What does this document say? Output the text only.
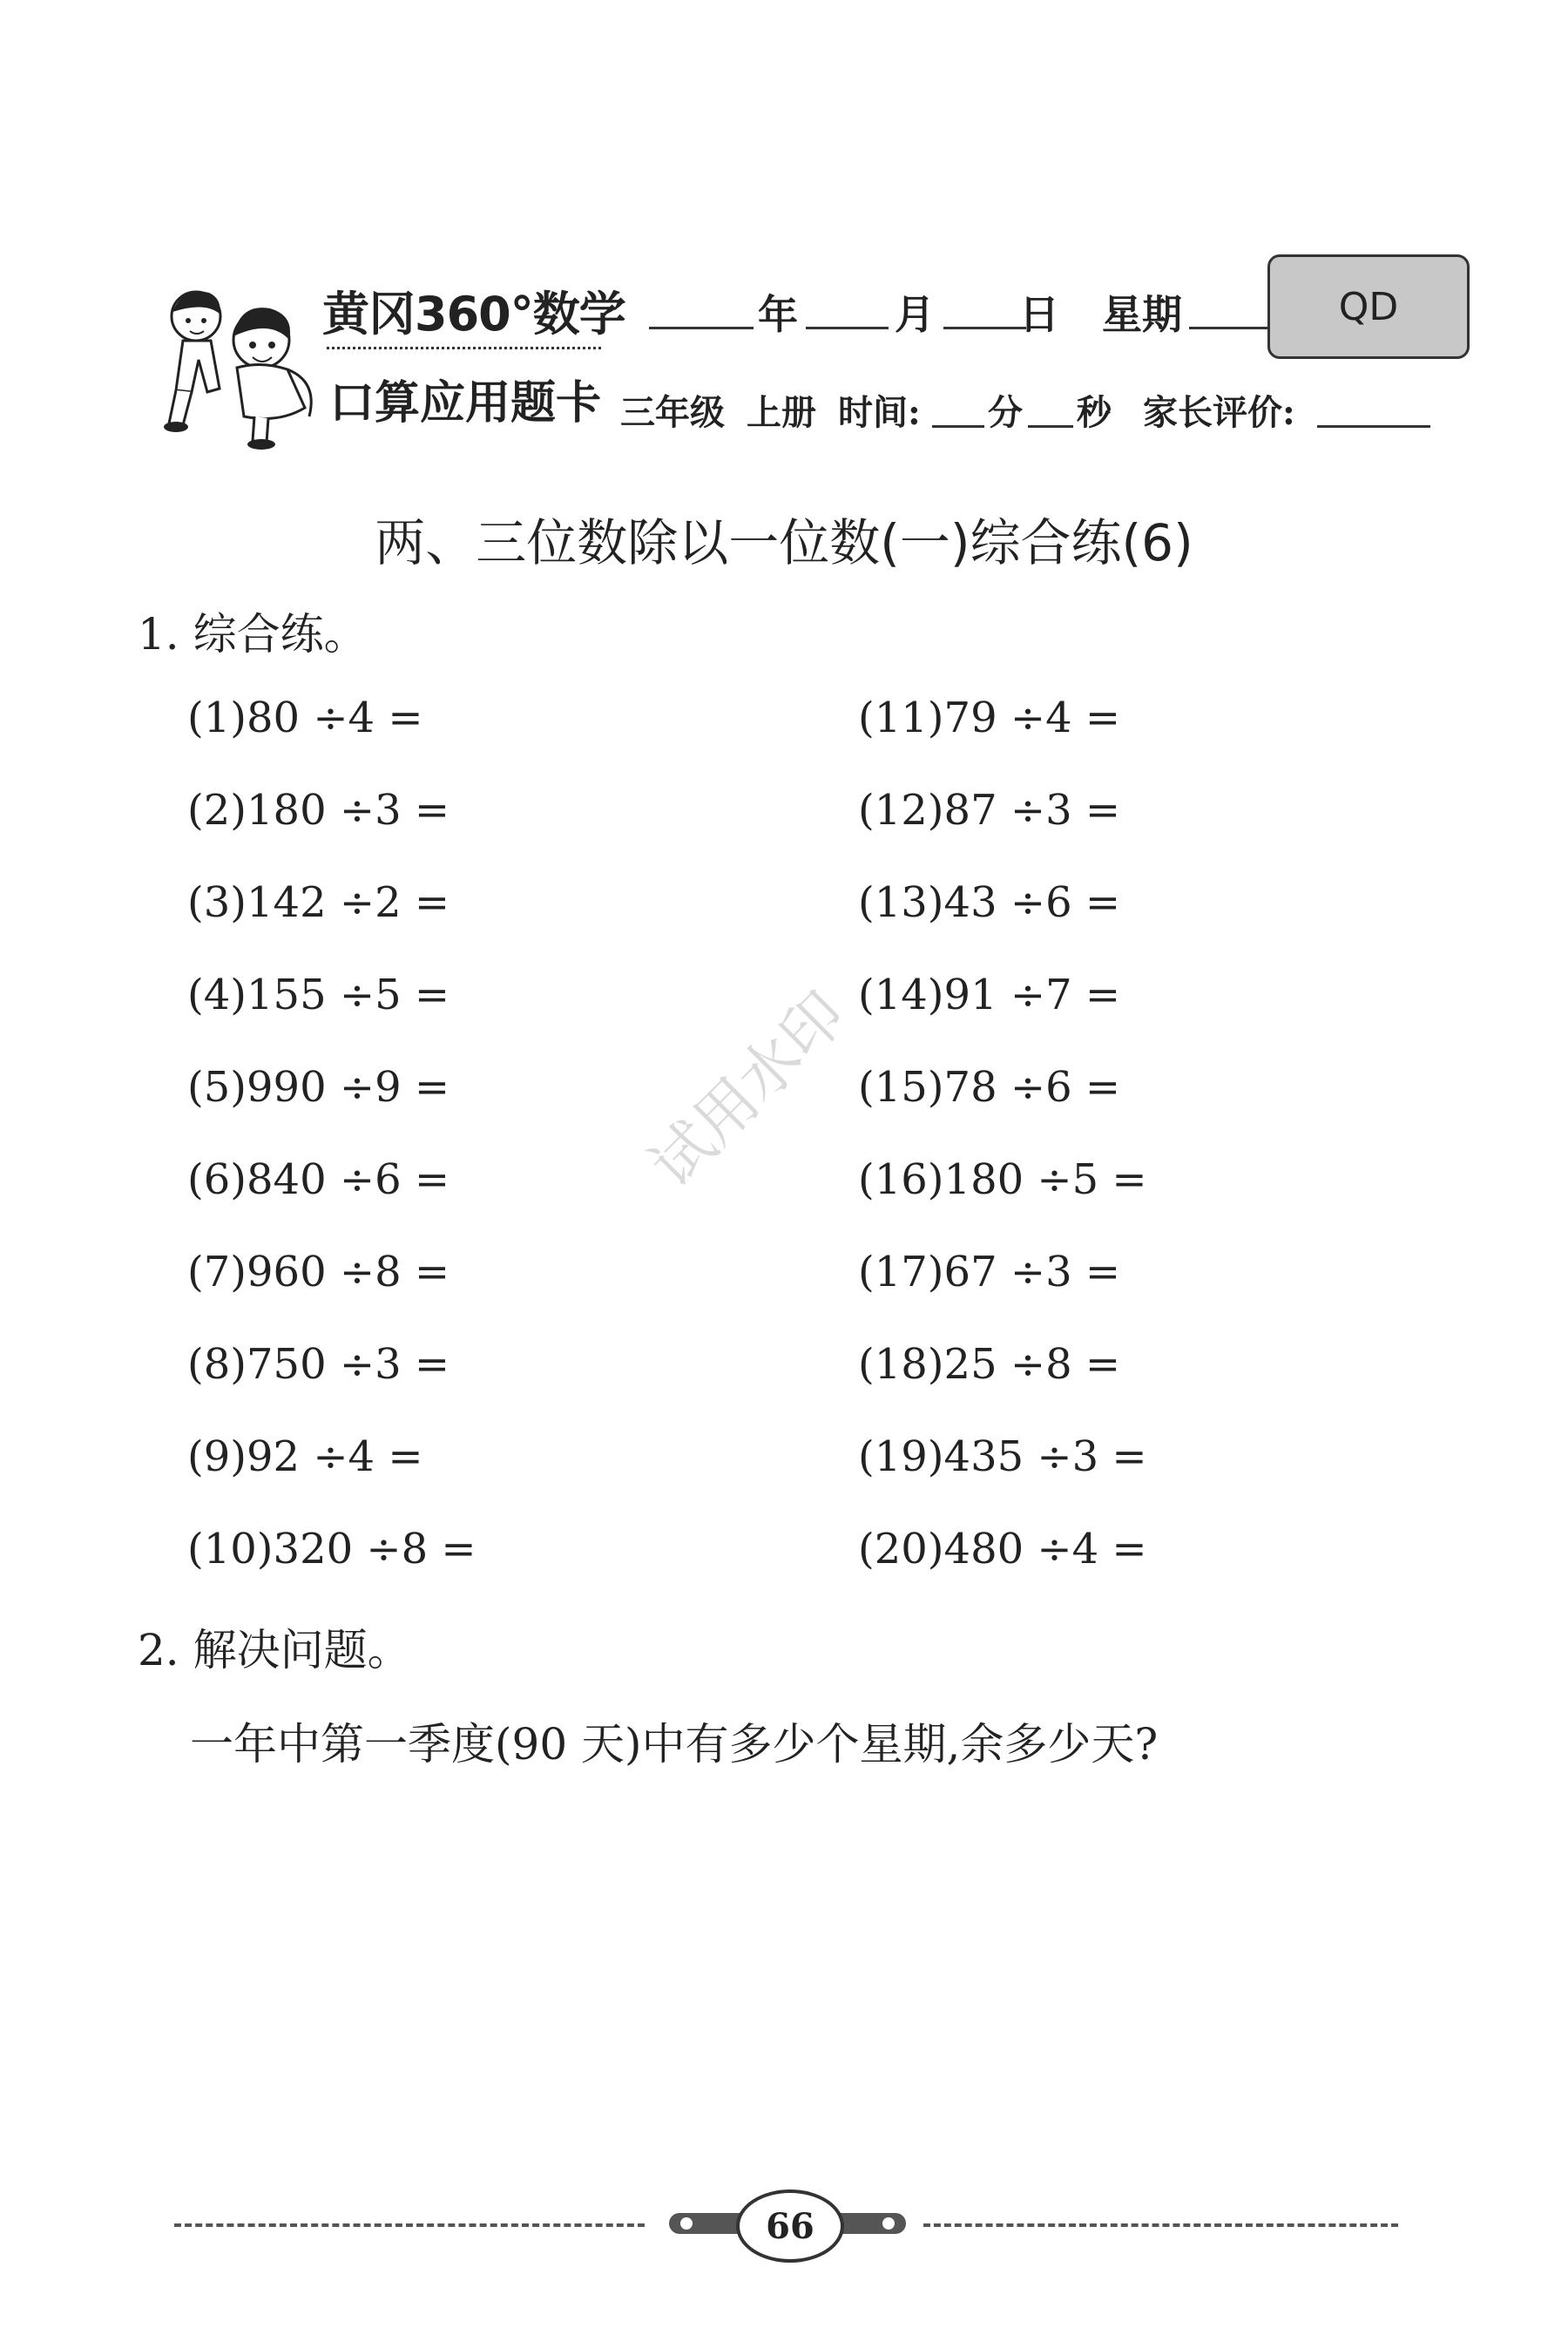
黄冈360°数学
口算应用题卡
年 月 日 星期	QD
三年级 上册 时间: 分 秒 家长评价:
两、三位数除以一位数(一)综合练(6)
1. 综合练。
(1)80 ÷4 =
(2)180 ÷3 =
(3)142 ÷2 =
(4)155 ÷5 =
(5)990 ÷9 =
(6)840 ÷6 =
(7)960 ÷8 =
(8)750 ÷3 =
(9)92 ÷4 =
(10)320 ÷8 =
(11)79 ÷4 =
(12)87 ÷3 =
(13)43 ÷6 =
(14)91 ÷7 =
(15)78 ÷6 =
(16)180 ÷5 =
(17)67 ÷3 =
(18)25 ÷8 =
(19)435 ÷3 =
(20)480 ÷4 =
2. 解决问题。
一年中第一季度(90 天)中有多少个星期,余多少天?
试用水印
66
